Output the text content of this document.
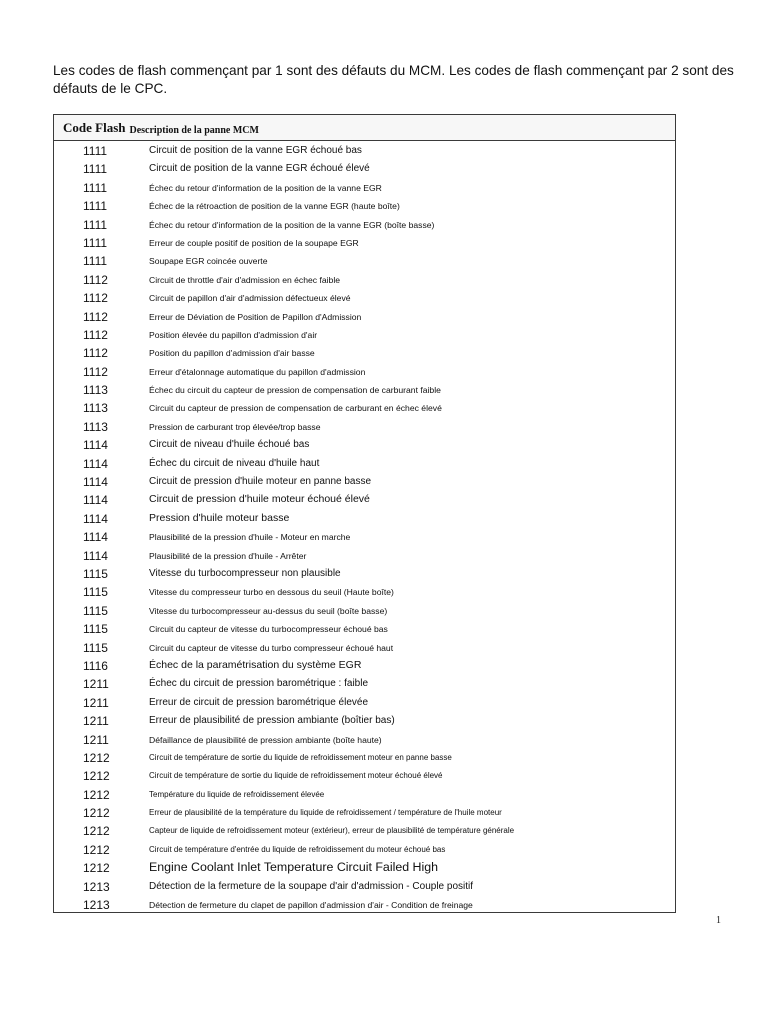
Les codes de flash commençant par 1 sont des défauts du MCM. Les codes de flash commençant par 2 sont des défauts de le CPC.
Code Flash Description de la panne MCM
1111	Circuit de position de la vanne EGR échoué bas
1111	Circuit de position de la vanne EGR échoué élevé
1111	Échec du retour d'information de la position de la vanne EGR
1111	Échec de la rétroaction de position de la vanne EGR (haute boîte)
1111	Échec du retour d'information de la position de la vanne EGR (boîte basse)
1111	Erreur de couple positif de position de la soupape EGR
1111	Soupape EGR coincée ouverte
1112	Circuit de throttle d'air d'admission en échec faible
1112	Circuit de papillon d'air d'admission défectueux élevé
1112	Erreur de Déviation de Position de Papillon d'Admission
1112	Position élevée du papillon d'admission d'air
1112	Position du papillon d'admission d'air basse
1112	Erreur d'étalonnage automatique du papillon d'admission
1113	Échec du circuit du capteur de pression de compensation de carburant faible
1113	Circuit du capteur de pression de compensation de carburant en échec élevé
1113	Pression de carburant trop élevée/trop basse
1114	Circuit de niveau d'huile échoué bas
1114	Échec du circuit de niveau d'huile haut
1114	Circuit de pression d'huile moteur en panne basse
1114	Circuit de pression d'huile moteur échoué élevé
1114	Pression d'huile moteur basse
1114	Plausibilité de la pression d'huile - Moteur en marche
1114	Plausibilité de la pression d'huile - Arrêter
1115	Vitesse du turbocompresseur non plausible
1115	Vitesse du compresseur turbo en dessous du seuil (Haute boîte)
1115	Vitesse du turbocompresseur au-dessus du seuil (boîte basse)
1115	Circuit du capteur de vitesse du turbocompresseur échoué bas
1115	Circuit du capteur de vitesse du turbo compresseur échoué haut
1116	Échec de la paramétrisation du système EGR
1211	Échec du circuit de pression barométrique : faible
1211	Erreur de circuit de pression barométrique élevée
1211	Erreur de plausibilité de pression ambiante (boîtier bas)
1211	Défaillance de plausibilité de pression ambiante (boîte haute)
1212	Circuit de température de sortie du liquide de refroidissement moteur en panne basse
1212	Circuit de température de sortie du liquide de refroidissement moteur échoué élevé
1212	Température du liquide de refroidissement élevée
1212	Erreur de plausibilité de la température du liquide de refroidissement / température de l'huile moteur
1212	Capteur de liquide de refroidissement moteur (extérieur), erreur de plausibilité de température générale
1212	Circuit de température d'entrée du liquide de refroidissement du moteur échoué bas
1212	Engine Coolant Inlet Temperature Circuit Failed High
1213	Détection de la fermeture de la soupape d'air d'admission - Couple positif
1213	Détection de fermeture du clapet de papillon d'admission d'air - Condition de freinage
1
